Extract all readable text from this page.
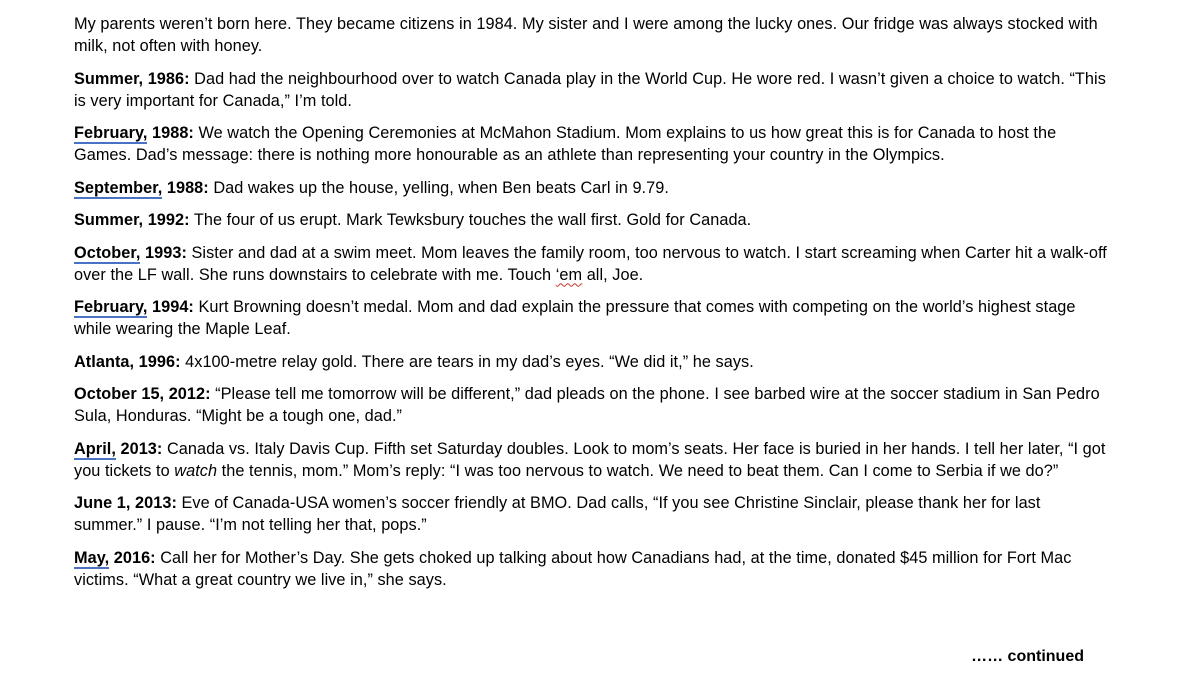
My parents weren’t born here. They became citizens in 1984. My sister and I were among the lucky ones. Our fridge was always stocked with milk, not often with honey.

Summer, 1986: Dad had the neighbourhood over to watch Canada play in the World Cup. He wore red. I wasn’t given a choice to watch. “This is very important for Canada,” I’m told.

February, 1988: We watch the Opening Ceremonies at McMahon Stadium. Mom explains to us how great this is for Canada to host the Games. Dad’s message: there is nothing more honourable as an athlete than representing your country in the Olympics.

September, 1988: Dad wakes up the house, yelling, when Ben beats Carl in 9.79.

Summer, 1992: The four of us erupt. Mark Tewksbury touches the wall first. Gold for Canada.

October, 1993: Sister and dad at a swim meet. Mom leaves the family room, too nervous to watch. I start screaming when Carter hit a walk-off over the LF wall. She runs downstairs to celebrate with me. Touch ‘em all, Joe.

February, 1994: Kurt Browning doesn’t medal. Mom and dad explain the pressure that comes with competing on the world’s highest stage while wearing the Maple Leaf.

Atlanta, 1996: 4x100-metre relay gold. There are tears in my dad’s eyes. “We did it,” he says.

October 15, 2012: “Please tell me tomorrow will be different,” dad pleads on the phone. I see barbed wire at the soccer stadium in San Pedro Sula, Honduras. “Might be a tough one, dad.”

April, 2013: Canada vs. Italy Davis Cup. Fifth set Saturday doubles. Look to mom’s seats. Her face is buried in her hands. I tell her later, “I got you tickets to watch the tennis, mom.” Mom’s reply: “I was too nervous to watch. We need to beat them. Can I come to Serbia if we do?”

June 1, 2013: Eve of Canada-USA women’s soccer friendly at BMO. Dad calls, “If you see Christine Sinclair, please thank her for last summer.” I pause. “I’m not telling her that, pops.”

May, 2016: Call her for Mother’s Day. She gets choked up talking about how Canadians had, at the time, donated $45 million for Fort Mac victims. “What a great country we live in,” she says.

…… continued
